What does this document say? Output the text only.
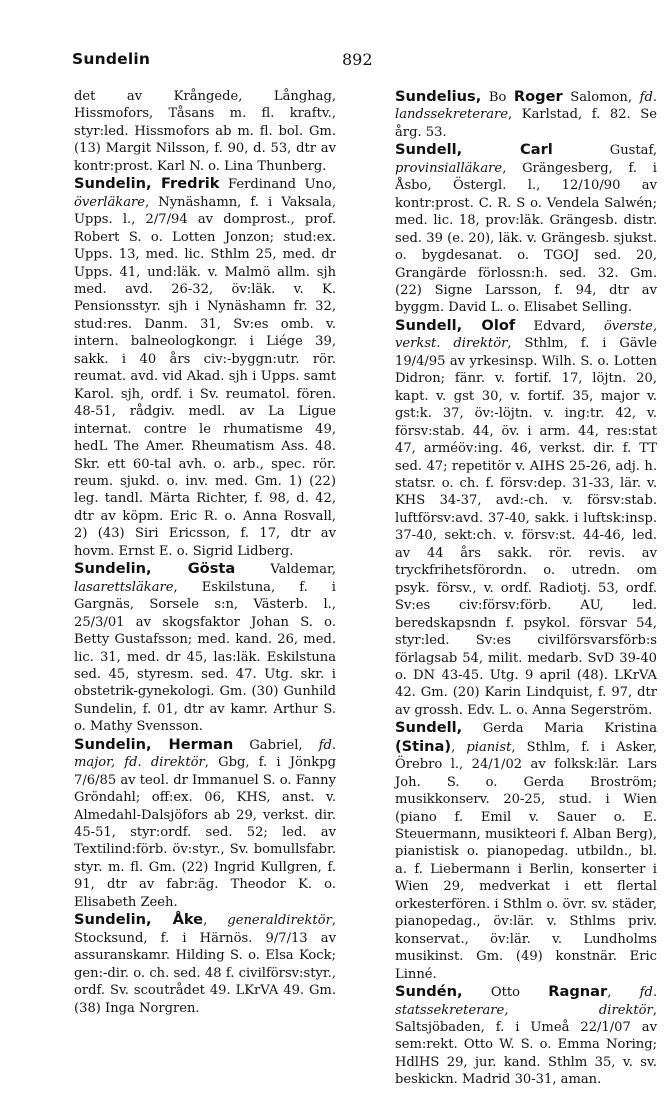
Sundelin	892

det av Krångede, Långhag, Hissmofors, Tåsans m. fl. kraftv., styr:led. Hissmofors ab m. fl. bol. Gm. (13) Margit Nilsson, f. 90, d. 53, dtr av kontr:prost. Karl N. o. Lina Thunberg.

Sundelin, Fredrik Ferdinand Uno, överläkare, Nynäshamn, f. i Vaksala, Upps. l., 2/7/94 av domprost., prof. Robert S. o. Lotten Jonzon; stud:ex. Upps. 13, med. lic. Sthlm 25, med. dr Upps. 41, und:läk. v. Malmö allm. sjh med. avd. 26-32, öv:läk. v. K. Pensionsstyr. sjh i Nynäshamn fr. 32, stud:res. Danm. 31, Sv:es omb. v. intern. balneologkongr. i Liége 39, sakk. i 40 års civ:-byggn:utr. rör. reumat. avd. vid Akad. sjh i Upps. samt Karol. sjh, ordf. i Sv. reumatol. fören. 48-51, rådgiv. medl. av La Ligue internat. contre le rhumatisme 49, hedL The Amer. Rheumatism Ass. 48. Skr. ett 60-tal avh. o. arb., spec. rör. reum. sjukd. o. inv. med. Gm. 1) (22) leg. tandl. Märta Richter, f. 98, d. 42, dtr av köpm. Eric R. o. Anna Rosvall, 2) (43) Siri Ericsson, f. 17, dtr av hovm. Ernst E. o. Sigrid Lidberg.

Sundelin, Gösta Valdemar, lasarettsläkare, Eskilstuna, f. i Gargnäs, Sorsele s:n, Västerb. l., 25/3/01 av skogsfaktor Johan S. o. Betty Gustafsson; med. kand. 26, med. lic. 31, med. dr 45, las:läk. Eskilstuna sed. 45, styresm. sed. 47. Utg. skr. i obstetrik-gynekologi. Gm. (30) Gunhild Sundelin, f. 01, dtr av kamr. Arthur S. o. Mathy Svensson.

Sundelin, Herman Gabriel, fd. major, fd. direktör, Gbg, f. i Jönkpg 7/6/85 av teol. dr Immanuel S. o. Fanny Gröndahl; off:ex. 06, KHS, anst. v. Almedahl-Dalsjöfors ab 29, verkst. dir. 45-51, styr:ordf. sed. 52; led. av Textilind:förb. öv:styr., Sv. bomullsfabr. styr. m. fl. Gm. (22) Ingrid Kullgren, f. 91, dtr av fabr:äg. Theodor K. o. Elisabeth Zeeh.

Sundelin, Åke, generaldirektör, Stocksund, f. i Härnös. 9/7/13 av assuranskamr. Hilding S. o. Elsa Kock; gen:-dir. o. ch. sed. 48 f. civilförsv:styr., ordf. Sv. scoutrådet 49. LKrVA 49. Gm. (38) Inga Norgren.

Sundelius, Bo Roger Salomon, fd. landssekreterare, Karlstad, f. 82. Se årg. 53.

Sundell, Carl Gustaf, provinsialläkare, Grängesberg, f. i Åsbo, Östergl. l., 12/10/90 av kontr:prost. C. R. S o. Vendela Salwén; med. lic. 18, prov:läk. Grängesb. distr. sed. 39 (e. 20), läk. v. Grängesb. sjukst. o. bygdesanat. o. TGOJ sed. 20, Grangärde förlossn:h. sed. 32. Gm. (22) Signe Larsson, f. 94, dtr av byggm. David L. o. Elisabet Selling.

Sundell, Olof Edvard, överste, verkst. direktör, Sthlm, f. i Gävle 19/4/95 av yrkesinsp. Wilh. S. o. Lotten Didron; fänr. v. fortif. 17, löjtn. 20, kapt. v. gst 30, v. fortif. 35, major v. gst:k. 37, öv:-löjtn. v. ing:tr. 42, v. försv:stab. 44, öv. i arm. 44, res:stat 47, arméöv:ing. 46, verkst. dir. f. TT sed. 47; repetitör v. AIHS 25-26, adj. h. statsr. o. ch. f. försv:dep. 31-33, lär. v. KHS 34-37, avd:-ch. v. försv:stab. luftförsv:avd. 37-40, sakk. i luftsk:insp. 37-40, sekt:ch. v. försv:st. 44-46, led. av 44 års sakk. rör. revis. av tryckfrihetsförordn. o. utredn. om psyk. försv., v. ordf. Radiotj. 53, ordf. Sv:es civ:försv:förb. AU, led. beredskapsndn f. psykol. försvar 54, styr:led. Sv:es civilförsvarsförb:s förlagsab 54, milit. medarb. SvD 39-40 o. DN 43-45. Utg. 9 april (48). LKrVA 42. Gm. (20) Karin Lindquist, f. 97, dtr av grossh. Edv. L. o. Anna Segerström.

Sundell, Gerda Maria Kristina (Stina), pianist, Sthlm, f. i Asker, Örebro l., 24/1/02 av folksk:lär. Lars Joh. S. o. Gerda Broström; musikkonserv. 20-25, stud. i Wien (piano f. Emil v. Sauer o. E. Steuermann, musikteori f. Alban Berg), pianistisk o. pianopedag. utbildn., bl. a. f. Liebermann i Berlin, konserter i Wien 29, medverkat i ett flertal orkesterfören. i Sthlm o. övr. sv. städer, pianopedag., öv:lär. v. Sthlms priv. konservat., öv:lär. v. Lundholms musikinst. Gm. (49) konstnär. Eric Linné.

Sundén, Otto Ragnar, fd. statssekreterare, direktör, Saltsjöbaden, f. i Umeå 22/1/07 av sem:rekt. Otto W. S. o. Emma Noring; HdlHS 29, jur. kand. Sthlm 35, v. sv. beskickn. Madrid 30-31, aman.
